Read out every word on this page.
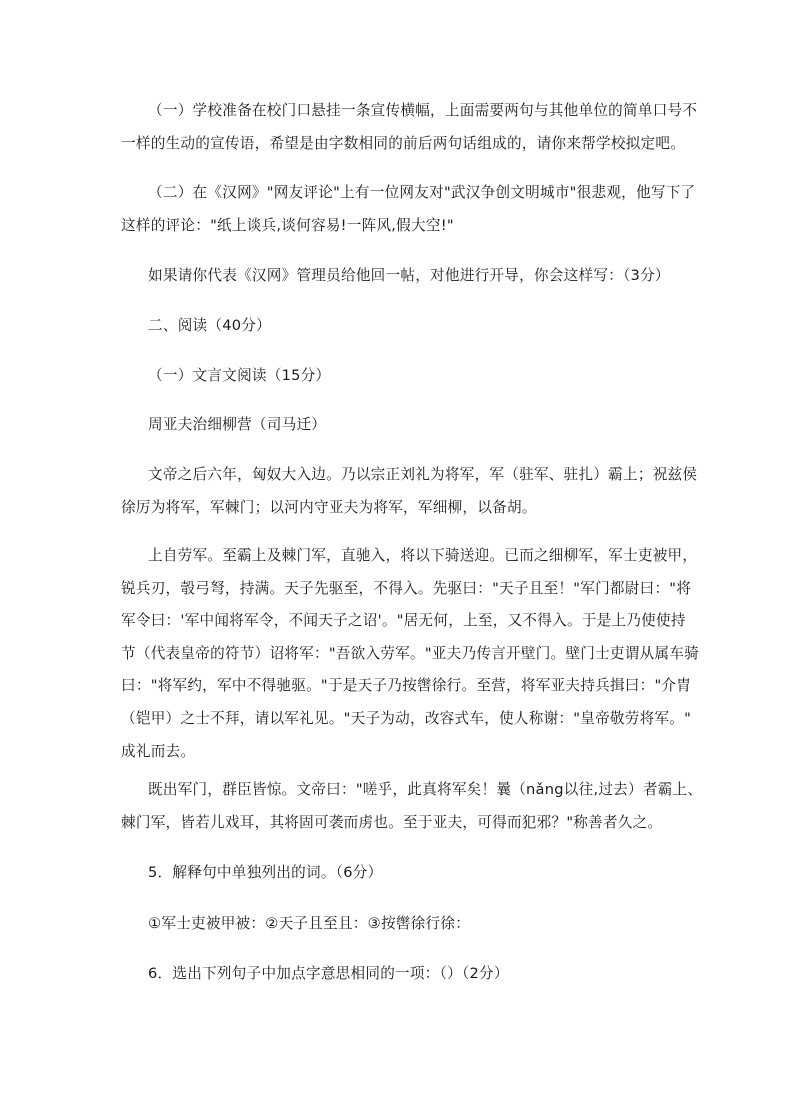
（一）学校准备在校门口悬挂一条宣传横幅，上面需要两句与其他单位的简单口号不
一样的生动的宣传语，希望是由字数相同的前后两句话组成的，请你来帮学校拟定吧。
（二）在《汉网》"网友评论"上有一位网友对"武汉争创文明城市"很悲观，他写下了
这样的评论："纸上谈兵,谈何容易!一阵风,假大空!"
如果请你代表《汉网》管理员给他回一帖，对他进行开导，你会这样写：（3分）
二、阅读（40分）
（一）文言文阅读（15分）
周亚夫治细柳营（司马迁）
文帝之后六年，匈奴大入边。乃以宗正刘礼为将军，军（驻军、驻扎）霸上；祝兹侯
徐厉为将军，军棘门；以河内守亚夫为将军，军细柳，以备胡。
上自劳军。至霸上及棘门军，直驰入，将以下骑送迎。已而之细柳军，军士吏被甲，
锐兵刃，彀弓弩，持满。天子先驱至，不得入。先驱曰："天子且至！"军门都尉曰："将
军令曰：'军中闻将军令，不闻天子之诏'。"居无何，上至，又不得入。于是上乃使使持
节（代表皇帝的符节）诏将军："吾欲入劳军。"亚夫乃传言开壁门。壁门士吏谓从属车骑
曰："将军约，军中不得驰驱。"于是天子乃按辔徐行。至营，将军亚夫持兵揖曰："介胄
（铠甲）之士不拜，请以军礼见。"天子为动，改容式车，使人称谢："皇帝敬劳将军。"
成礼而去。
既出军门，群臣皆惊。文帝曰："嗟乎，此真将军矣！曩（nǎng以往,过去）者霸上、
棘门军，皆若儿戏耳，其将固可袭而虏也。至于亚夫，可得而犯邪？"称善者久之。
5．解释句中单独列出的词。（6分）
①军士吏被甲被：②天子且至且：③按辔徐行徐：
6．选出下列句子中加点字意思相同的一项：（）（2分）
